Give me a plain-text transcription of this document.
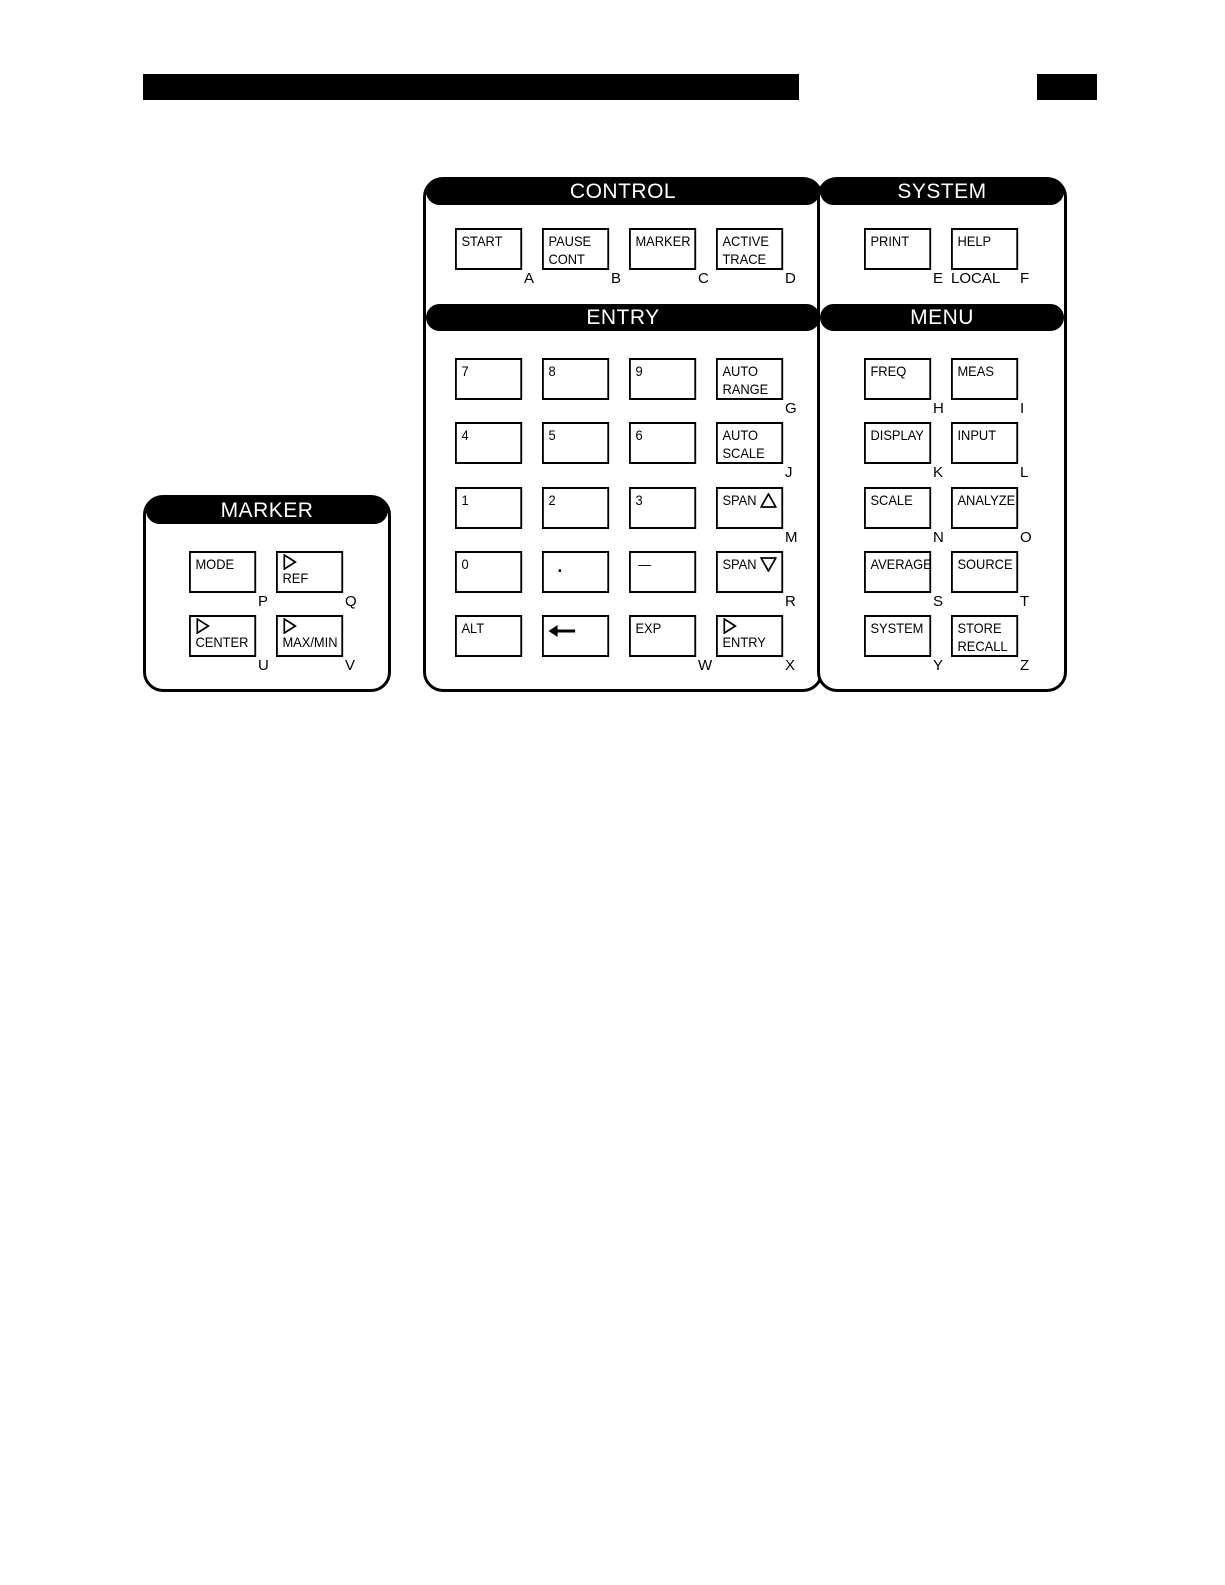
MARKER
CONTROL
ENTRY
SYSTEM
MENU
MODE
P
REF
Q
CENTER
U
MAX/MIN
V
START
A
PAUSE
CONT
B
MARKER
C
ACTIVE
TRACE
D
PRINT
E
HELP
F
LOCAL
7	8	9	AUTO
RANGE
G
4	5	6	AUTO
SCALE
J
1	2	3	SPAN
M
0	.	—	SPAN
R
ALT	EXP
W
ENTRY
X
FREQ
H
MEAS
I
DISPLAY
K
INPUT
L
SCALE
N
ANALYZE
O
AVERAGE
S
SOURCE
T
SYSTEM
Y
STORE
RECALL
Z
